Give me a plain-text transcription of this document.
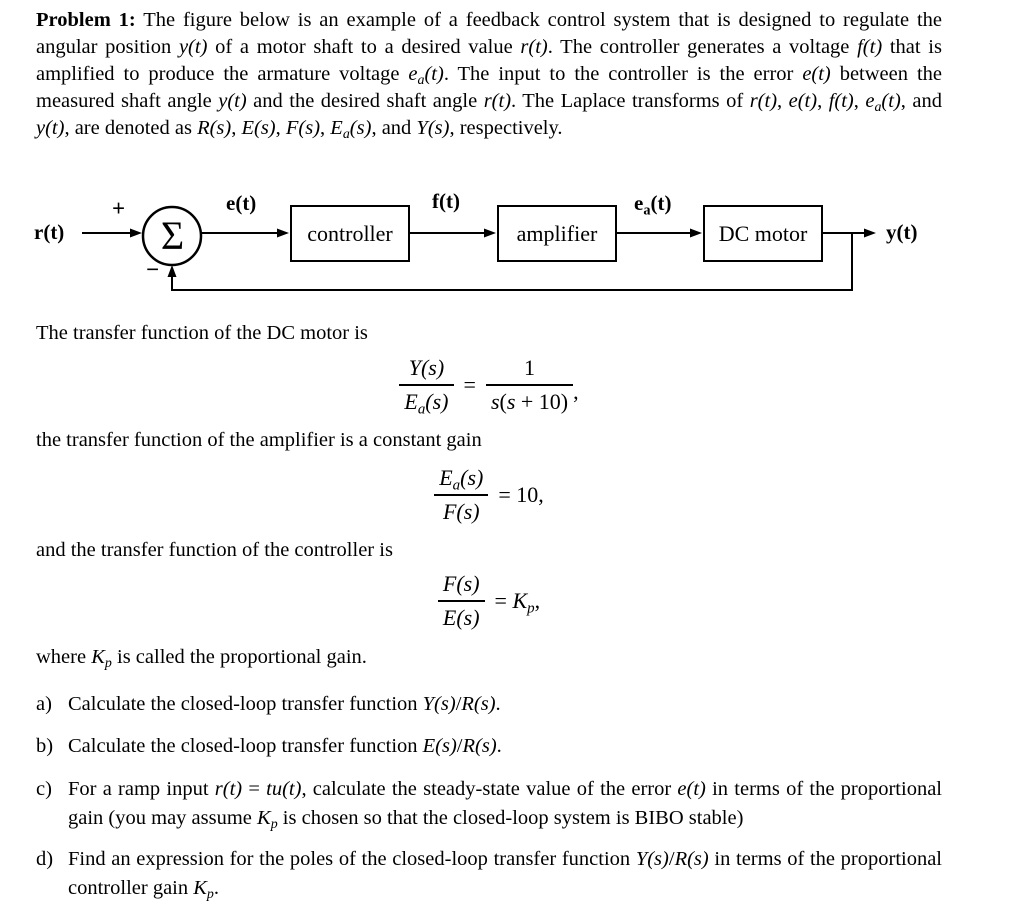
Problem 1: The figure below is an example of a feedback control system that is designed to regulate the angular position y(t) of a motor shaft to a desired value r(t). The controller generates a voltage f(t) that is amplified to produce the armature voltage $e_a(t)$. The input to the controller is the error e(t) between the measured shaft angle y(t) and the desired shaft angle r(t). The Laplace transforms of r(t), e(t), f(t), $e_a(t)$, and y(t), are denoted as R(s), E(s), F(s), $E_a(s)$, and Y(s), respectively.

r(t)
+
Σ
−
e(t)
controller
f(t)
amplifier
$e_a(t)$
DC motor	y(t)

The transfer function of the DC motor is

$\frac{Y(s)}{E_a(s)} = \frac{1}{s(s + 10)}$ ,

the transfer function of the amplifier is a constant gain

$\frac{E_a(s)}{F(s)} = 10$,

and the transfer function of the controller is

$\frac{F(s)}{E(s)} = K_p$,

where $K_p$ is called the proportional gain.

a) Calculate the closed-loop transfer function Y(s)/R(s).

b) Calculate the closed-loop transfer function E(s)/R(s).

c) For a ramp input r(t) = tu(t), calculate the steady-state value of the error e(t) in terms of the proportional gain (you may assume $K_p$ is chosen so that the closed-loop system is BIBO stable)

d) Find an expression for the poles of the closed-loop transfer function Y(s)/R(s) in terms of the proportional controller gain $K_p$.
